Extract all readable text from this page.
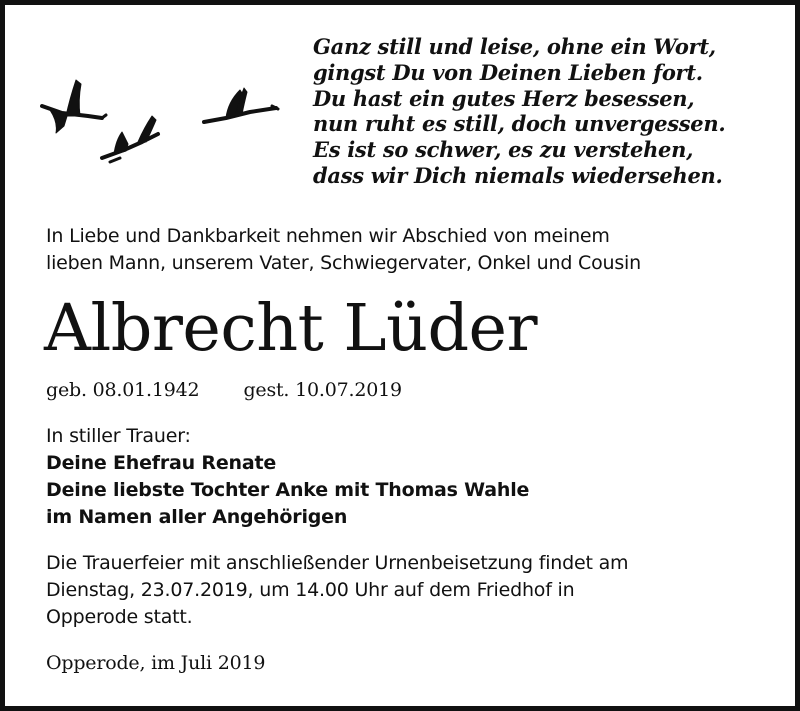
Ganz still und leise, ohne ein Wort,
gingst Du von Deinen Lieben fort.
Du hast ein gutes Herz besessen,
nun ruht es still, doch unvergessen.
Es ist so schwer, es zu verstehen,
dass wir Dich niemals wiedersehen.
In Liebe und Dankbarkeit nehmen wir Abschied von meinem
lieben Mann, unserem Vater, Schwiegervater, Onkel und Cousin
Albrecht Lüder
geb. 08.01.1942 gest. 10.07.2019
In stiller Trauer:
Deine Ehefrau Renate
Deine liebste Tochter Anke mit Thomas Wahle
im Namen aller Angehörigen
Die Trauerfeier mit anschließender Urnenbeisetzung findet am
Dienstag, 23.07.2019, um 14.00 Uhr auf dem Friedhof in
Opperode statt.
Opperode, im Juli 2019
